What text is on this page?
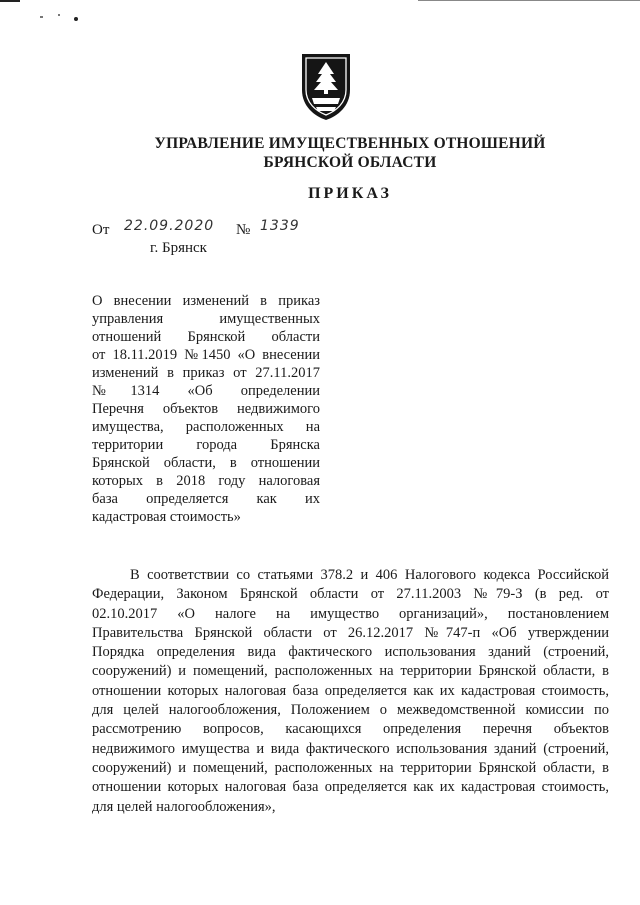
УПРАВЛЕНИЕ ИМУЩЕСТВЕННЫХ ОТНОШЕНИЙ
БРЯНСКОЙ ОБЛАСТИ
ПРИКАЗ
От 22.09.2020 № 1339
г. Брянск
О внесении изменений в приказ
управления имущественных
отношений Брянской области
от 18.11.2019 №1450 «О внесении
изменений в приказ от 27.11.2017
№1314 «Об определении
Перечня объектов недвижимого
имущества, расположенных на
территории города Брянска
Брянской области, в отношении
которых в 2018 году налоговая
база определяется как их
кадастровая стоимость»
В соответствии со статьями 378.2 и 406 Налогового кодекса Российской
Федерации, Законом Брянской области от 27.11.2003 №79-З (в ред. от
02.10.2017 «О налоге на имущество организаций», постановлением
Правительства Брянской области от 26.12.2017 №747-п «Об утверждении
Порядка определения вида фактического использования зданий (строений,
сооружений) и помещений, расположенных на территории Брянской области, в
отношении которых налоговая база определяется как их кадастровая стоимость,
для целей налогообложения, Положением о межведомственной комиссии по
рассмотрению вопросов, касающихся определения перечня объектов
недвижимого имущества и вида фактического использования зданий (строений,
сооружений) и помещений, расположенных на территории Брянской области, в
отношении которых налоговая база определяется как их кадастровая стоимость,
для целей налогообложения»,
